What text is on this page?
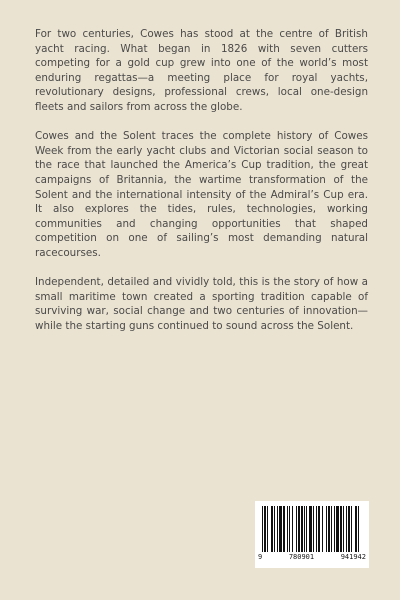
For two centuries, Cowes has stood at the centre of British yacht racing. What began in 1826 with seven cutters competing for a gold cup grew into one of the world’s most enduring regattas—a meeting place for royal yachts, revolutionary designs, professional crews, local one-design fleets and sailors from across the globe.

Cowes and the Solent traces the complete history of Cowes Week from the early yacht clubs and Victorian social season to the race that launched the America’s Cup tradition, the great campaigns of Britannia, the wartime transformation of the Solent and the international intensity of the Admiral’s Cup era. It also explores the tides, rules, technologies, working communities and changing opportunities that shaped competition on one of sailing’s most demanding natural racecourses.

Independent, detailed and vividly told, this is the story of how a small maritime town created a sporting tradition capable of surviving war, social change and two centuries of innovation—while the starting guns continued to sound across the Solent.

9	780901	941942
